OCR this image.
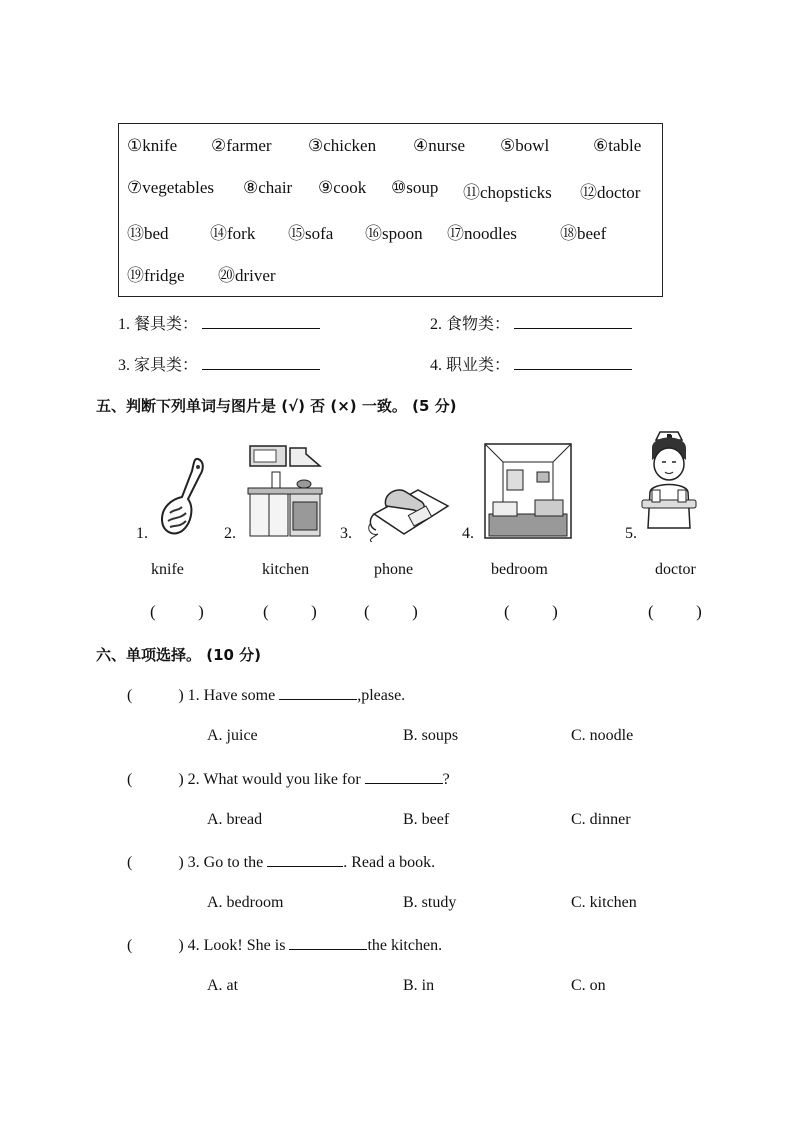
①knife ②farmer ③chicken ④nurse ⑤bowl	⑥table
⑦vegetables ⑧chair ⑨cook ⑩soup ⑪chopsticks ⑫doctor
⑬bed ⑭fork ⑮sofa ⑯spoon ⑰noodles	⑱beef
⑲fridge ⑳driver
1. 餐具类：	2. 食物类：
3. 家具类：	4. 职业类：
五、判断下列单词与图片是 (√) 否 (×) 一致。 (5 分)
1.	2.	3.	4.	5.
knife	kitchen	phone	bedroom	doctor
(          )	(          )	(          )	(          )	(          )
六、单项选择。 (10 分)
(	) 1. Have some	,please.
A. juice	B. soups	C. noodle
(	) 2. What would you like for	?
A. bread	B. beef	C. dinner
(	) 3. Go to the	. Read a book.
A. bedroom	B. study	C. kitchen
(	) 4. Look! She is	the kitchen.
A. at	B. in	C. on
